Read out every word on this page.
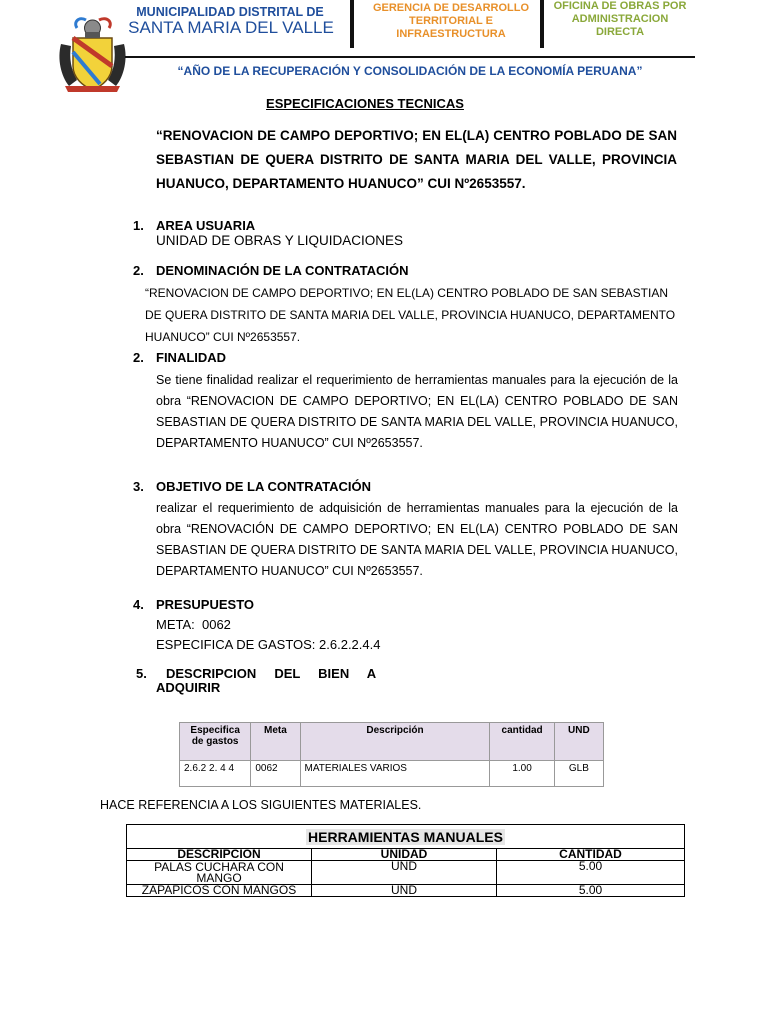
MUNICIPALIDAD DISTRITAL DE
SANTA MARIA DEL VALLE
GERENCIA DE DESARROLLO TERRITORIAL E INFRAESTRUCTURA
OFICINA DE OBRAS POR ADMINISTRACION DIRECTA
“AÑO DE LA RECUPERACIÓN Y CONSOLIDACIÓN DE LA ECONOMÍA PERUANA”
ESPECIFICACIONES TECNICAS
“RENOVACION DE CAMPO DEPORTIVO; EN EL(LA) CENTRO POBLADO DE SAN SEBASTIAN DE QUERA DISTRITO DE SANTA MARIA DEL VALLE, PROVINCIA
HUANUCO, DEPARTAMENTO HUANUCO” CUI Nº2653557.
1. AREA USUARIA
UNIDAD DE OBRAS Y LIQUIDACIONES
2. DENOMINACIÓN DE LA CONTRATACIÓN
“RENOVACION DE CAMPO DEPORTIVO; EN EL(LA) CENTRO POBLADO DE SAN SEBASTIAN DE QUERA DISTRITO DE SANTA MARIA DEL VALLE, PROVINCIA HUANUCO, DEPARTAMENTO HUANUCO” CUI Nº2653557.
2. FINALIDAD
Se tiene finalidad realizar el requerimiento de herramientas manuales para la ejecución de la obra “RENOVACION DE CAMPO DEPORTIVO; EN EL(LA) CENTRO POBLADO DE SAN SEBASTIAN DE QUERA DISTRITO DE SANTA MARIA DEL VALLE, PROVINCIA HUANUCO, DEPARTAMENTO HUANUCO” CUI Nº2653557.
3. OBJETIVO DE LA CONTRATACIÓN
realizar el requerimiento de adquisición de herramientas manuales para la ejecución de la obra “RENOVACIÓN DE CAMPO DEPORTIVO; EN EL(LA) CENTRO POBLADO DE SAN SEBASTIAN DE QUERA DISTRITO DE SANTA MARIA DEL VALLE, PROVINCIA HUANUCO, DEPARTAMENTO HUANUCO” CUI Nº2653557.
4. PRESUPUESTO
META:  0062
ESPECIFICA DE GASTOS: 2.6.2.2.4.4
5. DESCRIPCION     DEL     BIEN     A
ADQUIRIR
Especifica de gastos	Meta	Descripción	cantidad	UND
2.6.2 2. 4 4	0062	MATERIALES VARIOS	1.00	GLB
HACE REFERENCIA A LOS SIGUIENTES MATERIALES.
HERRAMIENTAS MANUALES		
DESCRIPCION	UNIDAD	CANTIDAD
PALAS CUCHARA CON MANGO	UND	5.00
ZAPAPICOS CON MANGOS	UND	5.00
